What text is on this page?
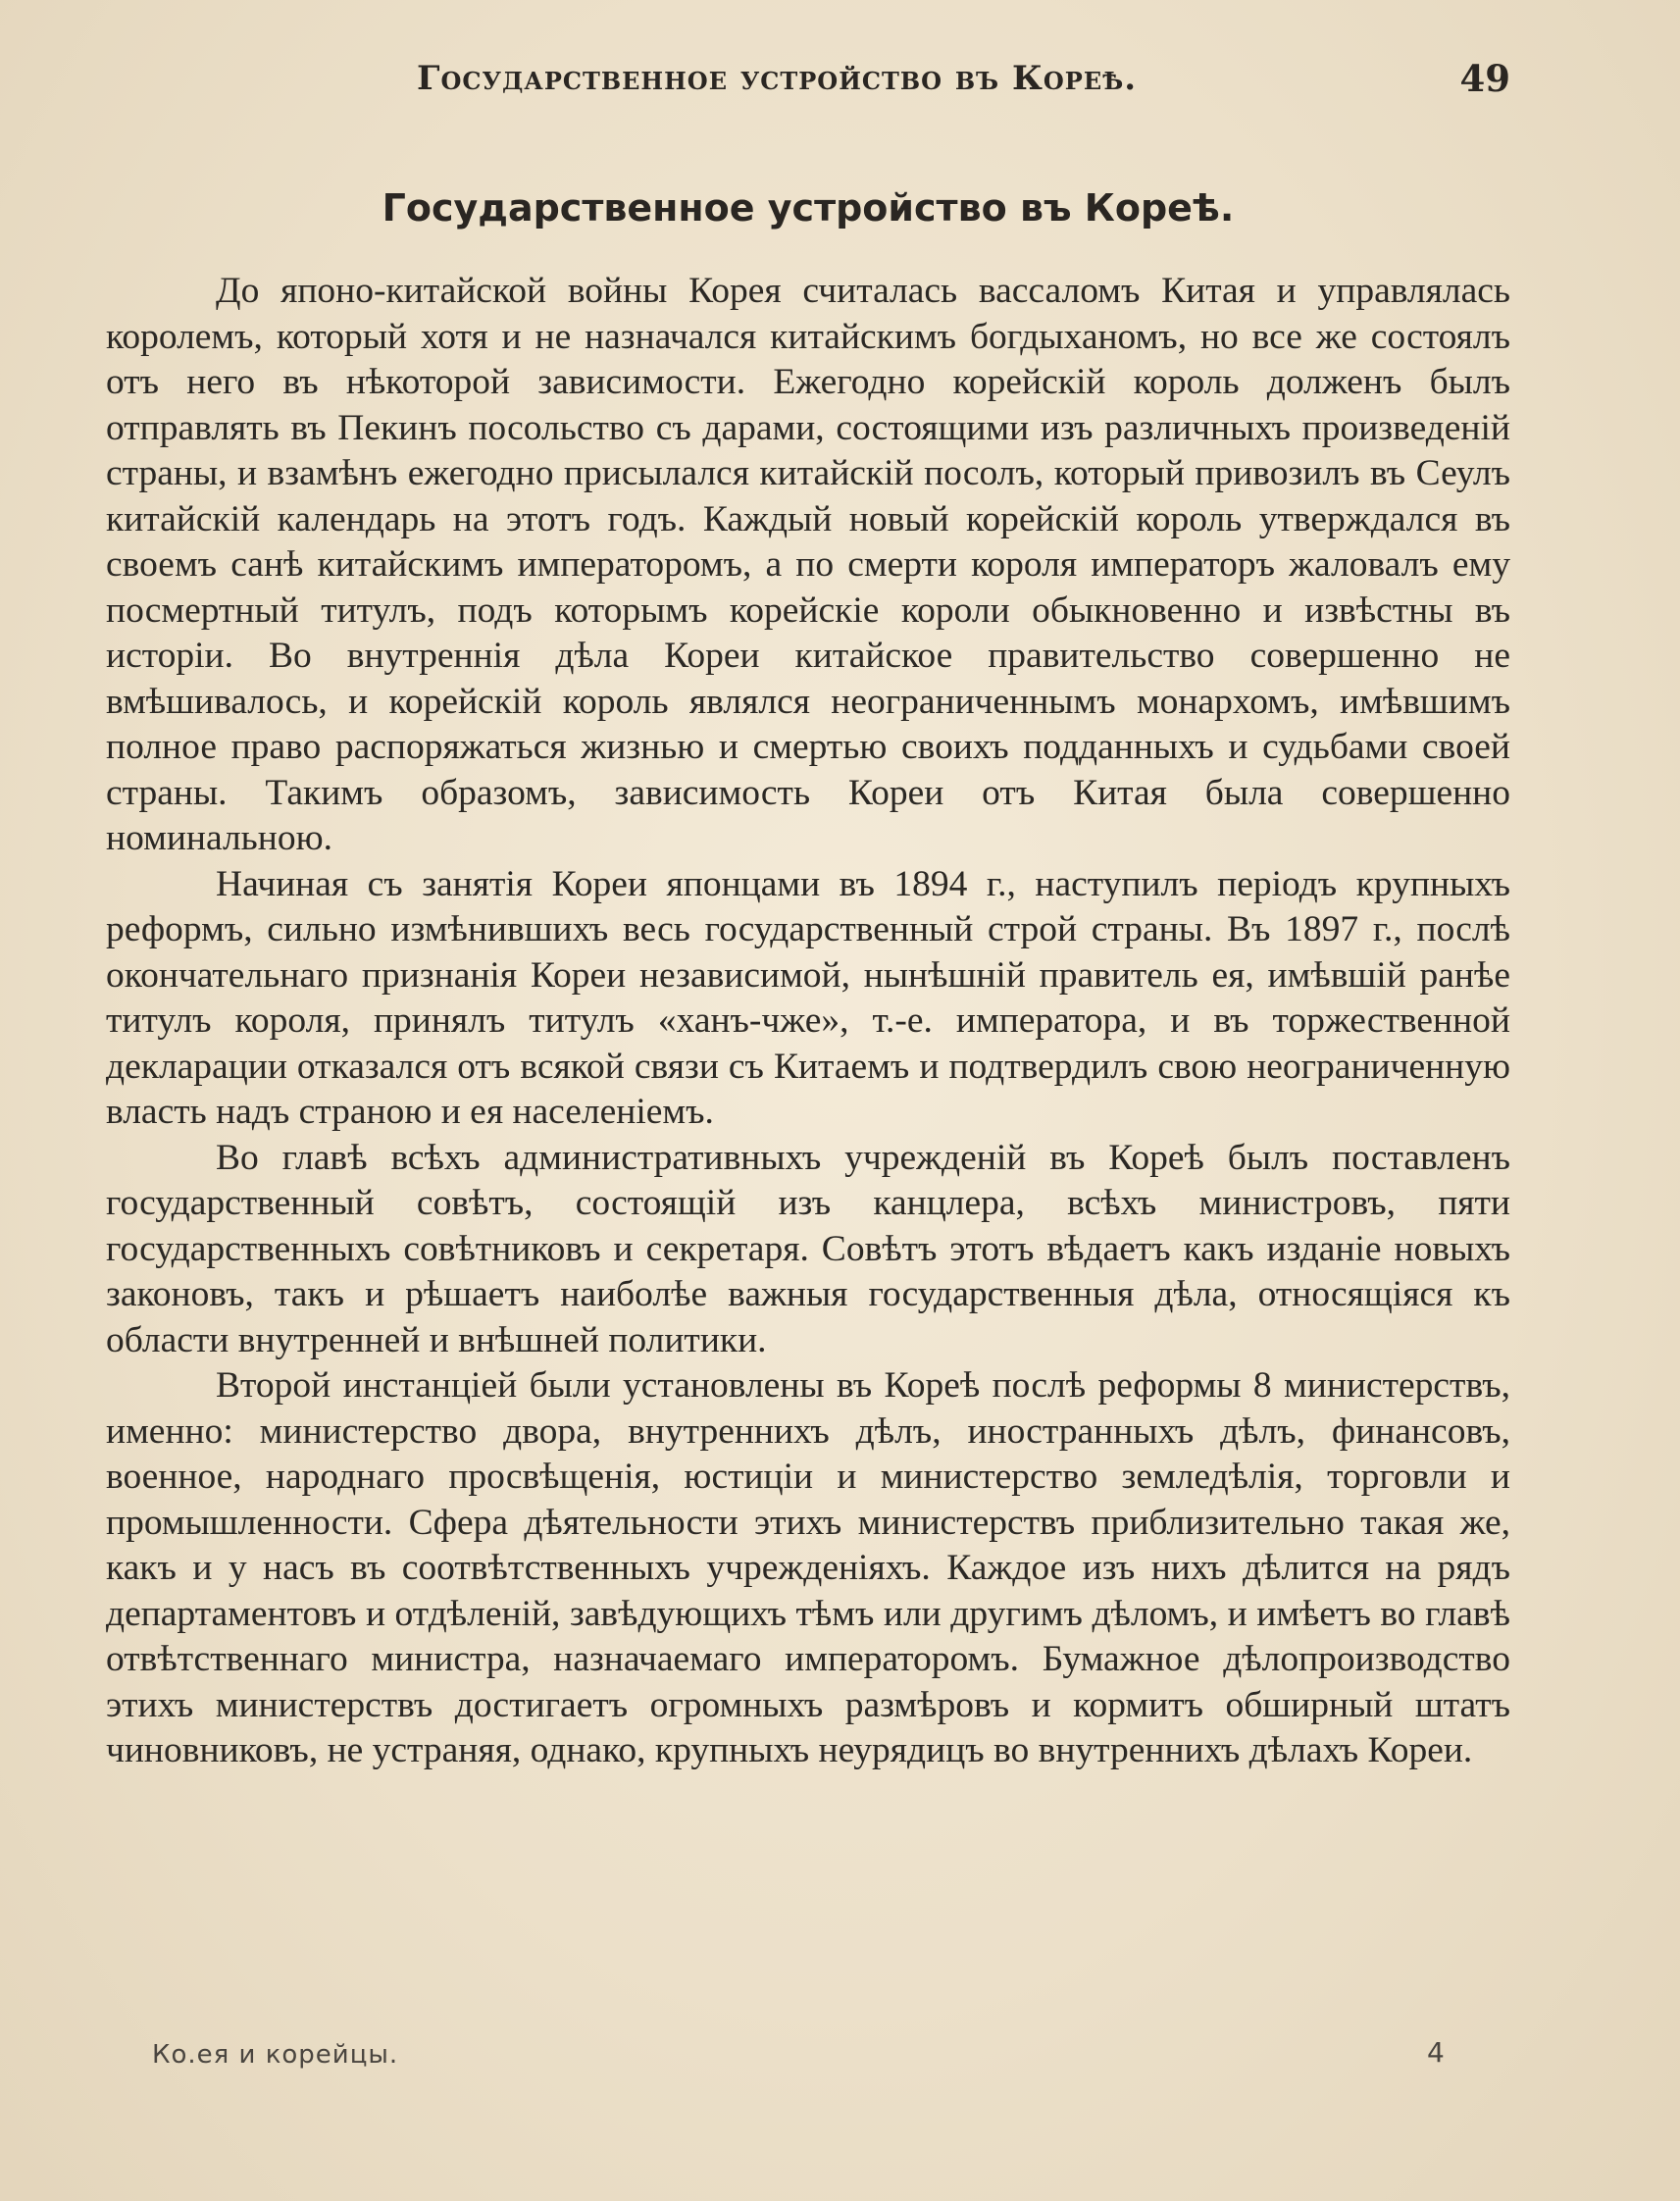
Государственное устройство въ Кореѣ.	49
Государственное устройство въ Кореѣ.

До японо-китайской войны Корея считалась вассаломъ Китая и управлялась королемъ, который хотя и не назначался китайскимъ богдыханомъ, но все же состоялъ отъ него въ нѣкоторой зависимости. Ежегодно корейскій король долженъ былъ отправлять въ Пекинъ посольство съ дарами, состоящими изъ различныхъ произведеній страны, и взамѣнъ ежегодно присылался китайскій посолъ, который привозилъ въ Сеулъ китайскій календарь на этотъ годъ. Каждый новый корейскій король утверждался въ своемъ санѣ китайскимъ императоромъ, а по смерти короля императоръ жаловалъ ему посмертный титулъ, подъ которымъ корейскіе короли обыкновенно и извѣстны въ исторіи. Во внутреннія дѣла Кореи китайское правительство совершенно не вмѣшивалось, и корейскій король являлся неограниченнымъ монархомъ, имѣвшимъ полное право распоряжаться жизнью и смертью своихъ подданныхъ и судьбами своей страны. Такимъ образомъ, зависимость Кореи отъ Китая была совершенно номинальною.

Начиная съ занятія Кореи японцами въ 1894 г., наступилъ періодъ крупныхъ реформъ, сильно измѣнившихъ весь государственный строй страны. Въ 1897 г., послѣ окончательнаго признанія Кореи независимой, нынѣшній правитель ея, имѣвшій ранѣе титулъ короля, принялъ титулъ «ханъ-чже», т.-е. императора, и въ торжественной декларации отказался отъ всякой связи съ Китаемъ и подтвердилъ свою неограниченную власть надъ страною и ея населеніемъ.

Во главѣ всѣхъ административныхъ учрежденій въ Кореѣ былъ поставленъ государственный совѣтъ, состоящій изъ канцлера, всѣхъ министровъ, пяти государственныхъ совѣтниковъ и секретаря. Совѣтъ этотъ вѣдаетъ какъ изданіе новыхъ законовъ, такъ и рѣшаетъ наиболѣе важныя государственныя дѣла, относящіяся къ области внутренней и внѣшней политики.

Второй инстанціей были установлены въ Кореѣ послѣ реформы 8 министерствъ, именно: министерство двора, внутреннихъ дѣлъ, иностранныхъ дѣлъ, финансовъ, военное, народнаго просвѣщенія, юстиціи и министерство земледѣлія, торговли и промышленности. Сфера дѣятельности этихъ министерствъ приблизительно такая же, какъ и у насъ въ соотвѣтственныхъ учрежденіяхъ. Каждое изъ нихъ дѣлится на рядъ департаментовъ и отдѣленій, завѣдующихъ тѣмъ или другимъ дѣломъ, и имѣетъ во главѣ отвѣтственнаго министра, назначаемаго императоромъ. Бумажное дѣлопроизводство этихъ министерствъ достигаетъ огромныхъ размѣровъ и кормитъ обширный штатъ чиновниковъ, не устраняя, однако, крупныхъ неурядицъ во внутреннихъ дѣлахъ Кореи.

Ко.ея и корейцы.	4
